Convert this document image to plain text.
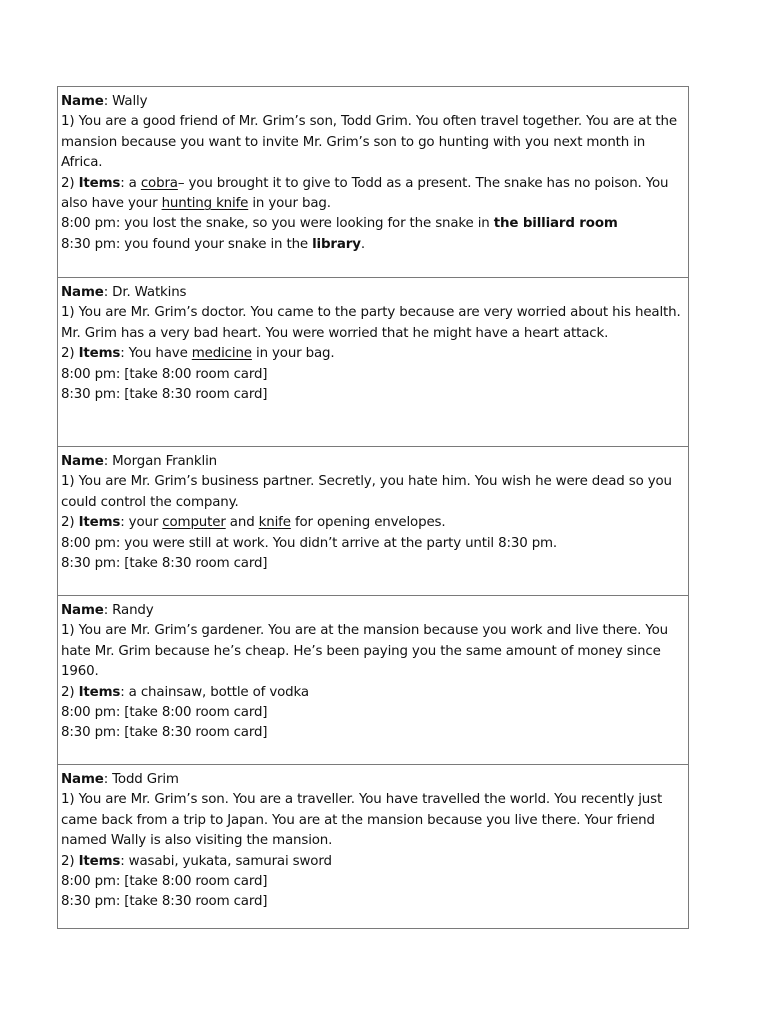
Name: Wally

1) You are a good friend of Mr. Grim’s son, Todd Grim. You often travel together. You are at the mansion because you want to invite Mr. Grim’s son to go hunting with you next month in Africa.

2) Items: a cobra– you brought it to give to Todd as a present. The snake has no poison. You also have your hunting knife in your bag.

8:00 pm: you lost the snake, so you were looking for the snake in the billiard room

8:30 pm: you found your snake in the library.

Name: Dr. Watkins

1) You are Mr. Grim’s doctor. You came to the party because are very worried about his health. Mr. Grim has a very bad heart. You were worried that he might have a heart attack.

2) Items: You have medicine in your bag.

8:00 pm: [take 8:00 room card]

8:30 pm: [take 8:30 room card]

Name: Morgan Franklin

1) You are Mr. Grim’s business partner. Secretly, you hate him. You wish he were dead so you could control the company.

2) Items: your computer and knife for opening envelopes.

8:00 pm: you were still at work. You didn’t arrive at the party until 8:30 pm.

8:30 pm: [take 8:30 room card]

Name: Randy

1) You are Mr. Grim’s gardener. You are at the mansion because you work and live there. You hate Mr. Grim because he’s cheap. He’s been paying you the same amount of money since 1960.

2) Items: a chainsaw, bottle of vodka

8:00 pm: [take 8:00 room card]

8:30 pm: [take 8:30 room card]

Name: Todd Grim

1) You are Mr. Grim’s son. You are a traveller. You have travelled the world. You recently just came back from a trip to Japan. You are at the mansion because you live there. Your friend named Wally is also visiting the mansion.

2) Items: wasabi, yukata, samurai sword

8:00 pm: [take 8:00 room card]

8:30 pm: [take 8:30 room card]
